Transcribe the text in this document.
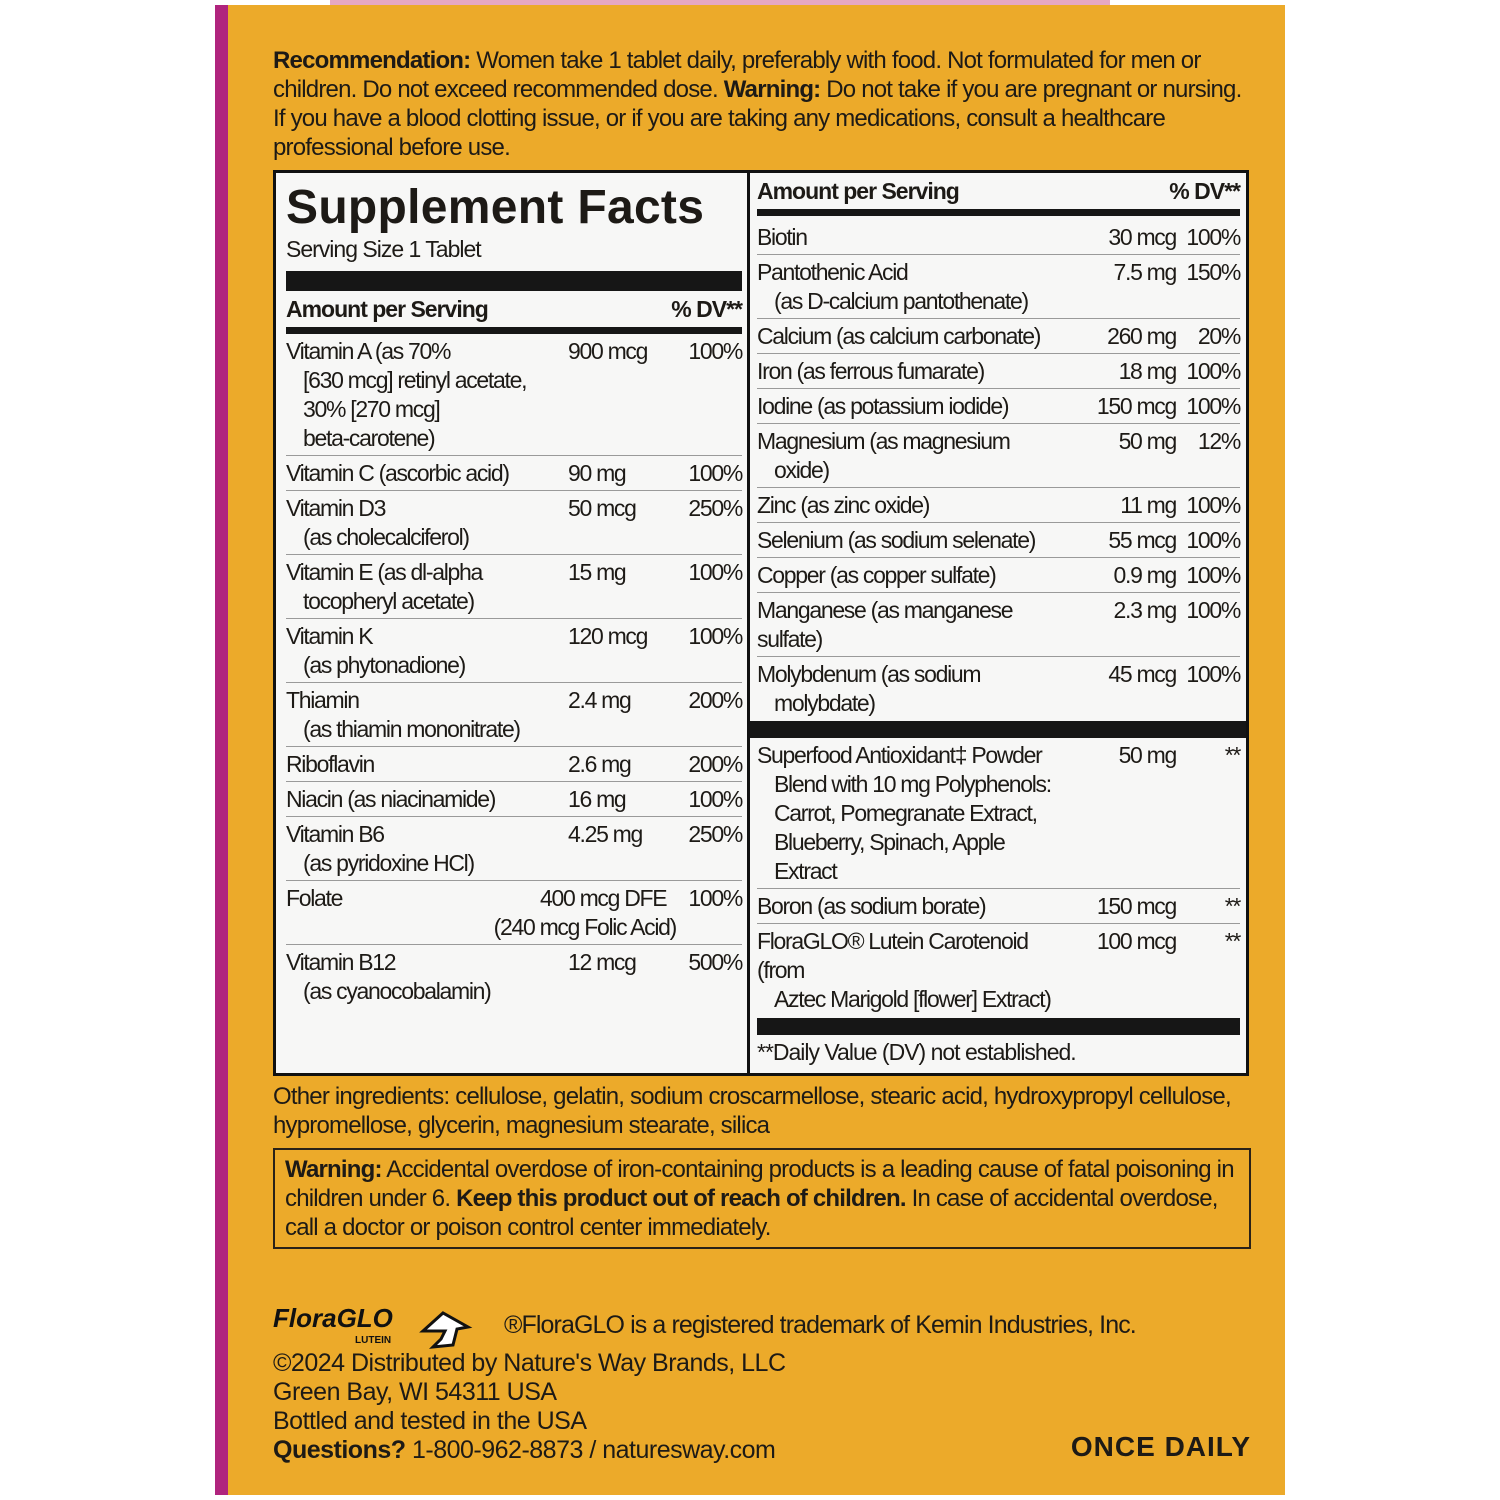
Recommendation: Women take 1 tablet daily, preferably with food. Not formulated for men or children. Do not exceed recommended dose. Warning: Do not take if you are pregnant or nursing. If you have a blood clotting issue, or if you are taking any medications, consult a healthcare professional before use.
Supplement Facts
Serving Size 1 Tablet
Amount per Serving	% DV**
Vitamin A (as 70%
[630 mcg] retinyl acetate,
30% [270 mcg]
beta-carotene)
900 mcg	100%
Vitamin C (ascorbic acid)	90 mg	100%
Vitamin D3
(as cholecalciferol)
50 mcg	250%
Vitamin E (as dl-alpha
tocopheryl acetate)
15 mg	100%
Vitamin K
(as phytonadione)
120 mcg	100%
Thiamin
(as thiamin mononitrate)
2.4 mg	200%
Riboflavin	2.6 mg	200%
Niacin (as niacinamide)	16 mg	100%
Vitamin B6
(as pyridoxine HCl)
4.25 mg	250%
Folate	400 mcg DFE 100%
(240 mcg Folic Acid)
Vitamin B12
(as cyanocobalamin)
12 mcg	500%
Amount per Serving	% DV**
Biotin	30 mcg 100%
Pantothenic Acid
(as D-calcium pantothenate)
7.5 mg 150%
Calcium (as calcium carbonate)	260 mg 20%
Iron (as ferrous fumarate)	18 mg 100%
Iodine (as potassium iodide)	150 mcg 100%
Magnesium (as magnesium
oxide)
50 mg 12%
Zinc (as zinc oxide)	11 mg 100%
Selenium (as sodium selenate)	55 mcg 100%
Copper (as copper sulfate)	0.9 mg 100%
Manganese (as manganese sulfate)
2.3 mg 100%
Molybdenum (as sodium
molybdate)
45 mcg 100%
Superfood Antioxidant‡ Powder
Blend with 10 mg Polyphenols:
Carrot, Pomegranate Extract,
Blueberry, Spinach, Apple Extract
50 mg	**
Boron (as sodium borate)	150 mcg	**
FloraGLO® Lutein Carotenoid (from
Aztec Marigold [flower] Extract)
100 mcg	**
**Daily Value (DV) not established.
Other ingredients: cellulose, gelatin, sodium croscarmellose, stearic acid, hydroxypropyl cellulose, hypromellose, glycerin, magnesium stearate, silica
Warning: Accidental overdose of iron-containing products is a leading cause of fatal poisoning in children under 6. Keep this product out of reach of children. In case of accidental overdose, call a doctor or poison control center immediately.
FloraGLO
LUTEIN
®FloraGLO is a registered trademark of Kemin Industries, Inc.
©2024 Distributed by Nature's Way Brands, LLC
Green Bay, WI 54311 USA
Bottled and tested in the USA
Questions? 1-800-962-8873 / naturesway.com	ONCE DAILY
